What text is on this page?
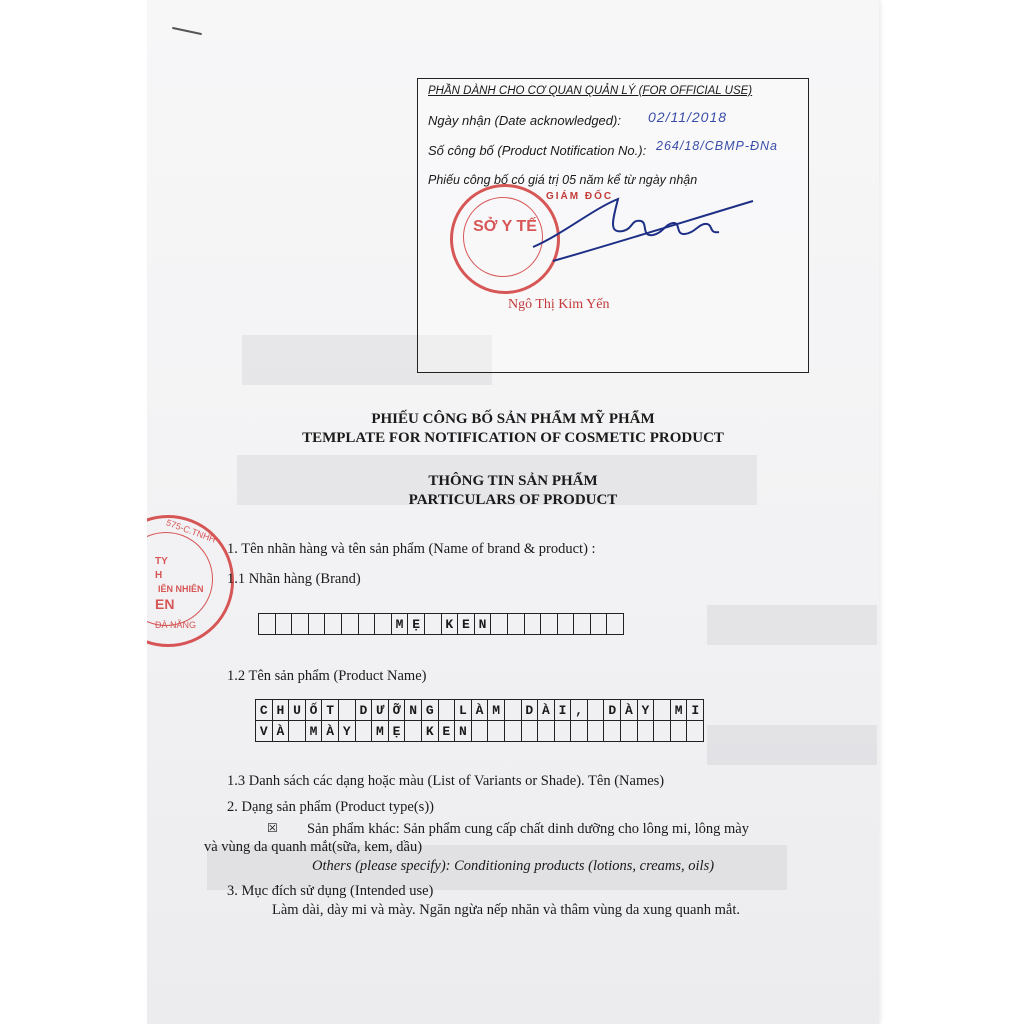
PHẦN DÀNH CHO CƠ QUAN QUẢN LÝ (FOR OFFICIAL USE)
Ngày nhận (Date acknowledged): 02/11/2018
Số công bố (Product Notification No.): 264/18/CBMP-ĐNa
Phiếu công bố có giá trị 05 năm kể từ ngày nhận
GIÁM ĐỐC
SỞ Y TẾ
Ngô Thị Kim Yến
PHIẾU CÔNG BỐ SẢN PHẨM MỸ PHẨM
TEMPLATE FOR NOTIFICATION OF COSMETIC PRODUCT
THÔNG TIN SẢN PHẨM
PARTICULARS OF PRODUCT
575-C.TNHH
TY
H
IÊN NHIÊN
EN
ĐÀ NẴNG
1. Tên nhãn hàng và tên sản phẩm (Name of brand & product) :
1.1 Nhãn hàng (Brand)
M Ẹ	K E N
1.2 Tên sản phẩm (Product Name)
C H U Ố T	D Ư Ỡ N G	L À M	D À I ,	D À Y	M I
V À	M À Y	M Ẹ	K E N
1.3 Danh sách các dạng hoặc màu (List of Variants or Shade). Tên (Names)
2. Dạng sản phẩm (Product type(s))
☒ Sản phẩm khác: Sản phẩm cung cấp chất dinh dưỡng cho lông mi, lông mày
và vùng da quanh mắt(sữa, kem, dầu)
Others (please specify): Conditioning products (lotions, creams, oils)
3. Mục đích sử dụng (Intended use)
Làm dài, dày mi và mày. Ngăn ngừa nếp nhăn và thâm vùng da xung quanh mắt.
